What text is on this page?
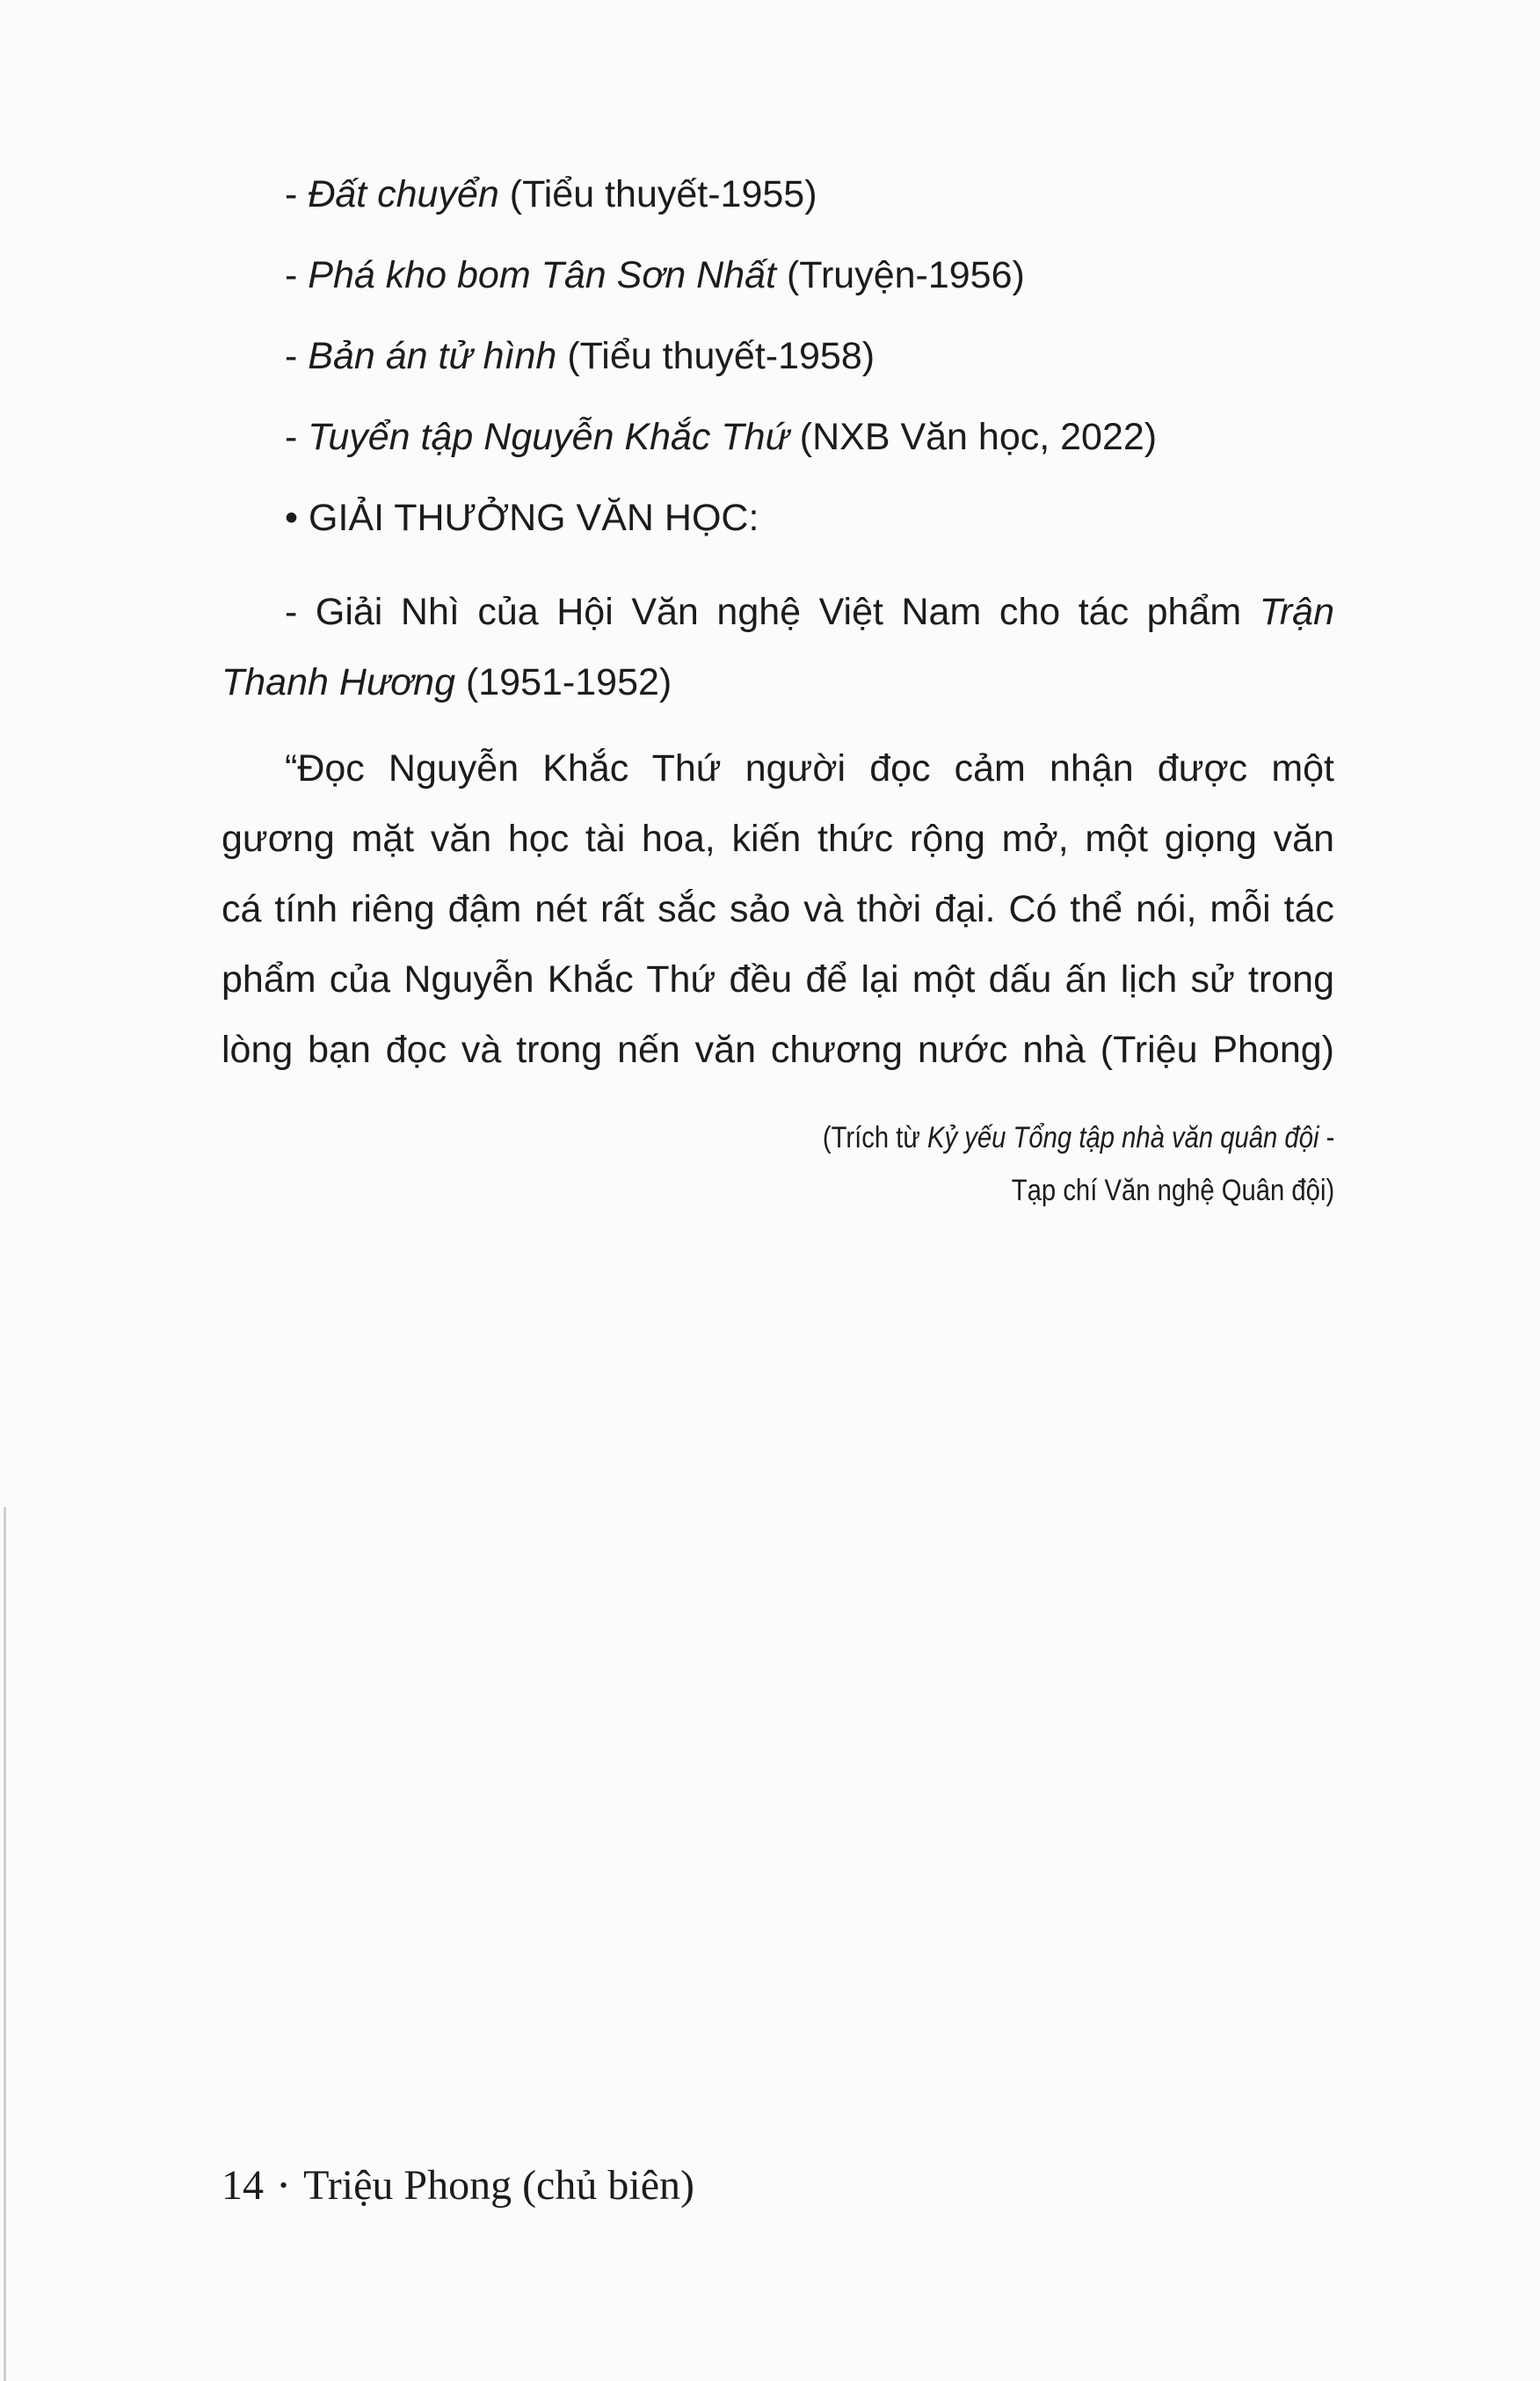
- Đất chuyển (Tiểu thuyết-1955)

- Phá kho bom Tân Sơn Nhất (Truyện-1956)

- Bản án tử hình (Tiểu thuyết-1958)

- Tuyển tập Nguyễn Khắc Thứ (NXB Văn học, 2022)

• GIẢI THƯỞNG VĂN HỌC:

- Giải Nhì của Hội Văn nghệ Việt Nam cho tác phẩm Trận Thanh Hương (1951-1952)

“Đọc Nguyễn Khắc Thứ người đọc cảm nhận được một
gương mặt văn học tài hoa, kiến thức rộng mở, một giọng văn
cá tính riêng đậm nét rất sắc sảo và thời đại. Có thể nói, mỗi tác
phẩm của Nguyễn Khắc Thứ đều để lại một dấu ấn lịch sử trong
lòng bạn đọc và trong nến văn chương nước nhà (Triệu Phong)
(Trích từ Kỷ yếu Tổng tập nhà văn quân đội -
Tạp chí Văn nghệ Quân đội)
14 • Triệu Phong (chủ biên)
